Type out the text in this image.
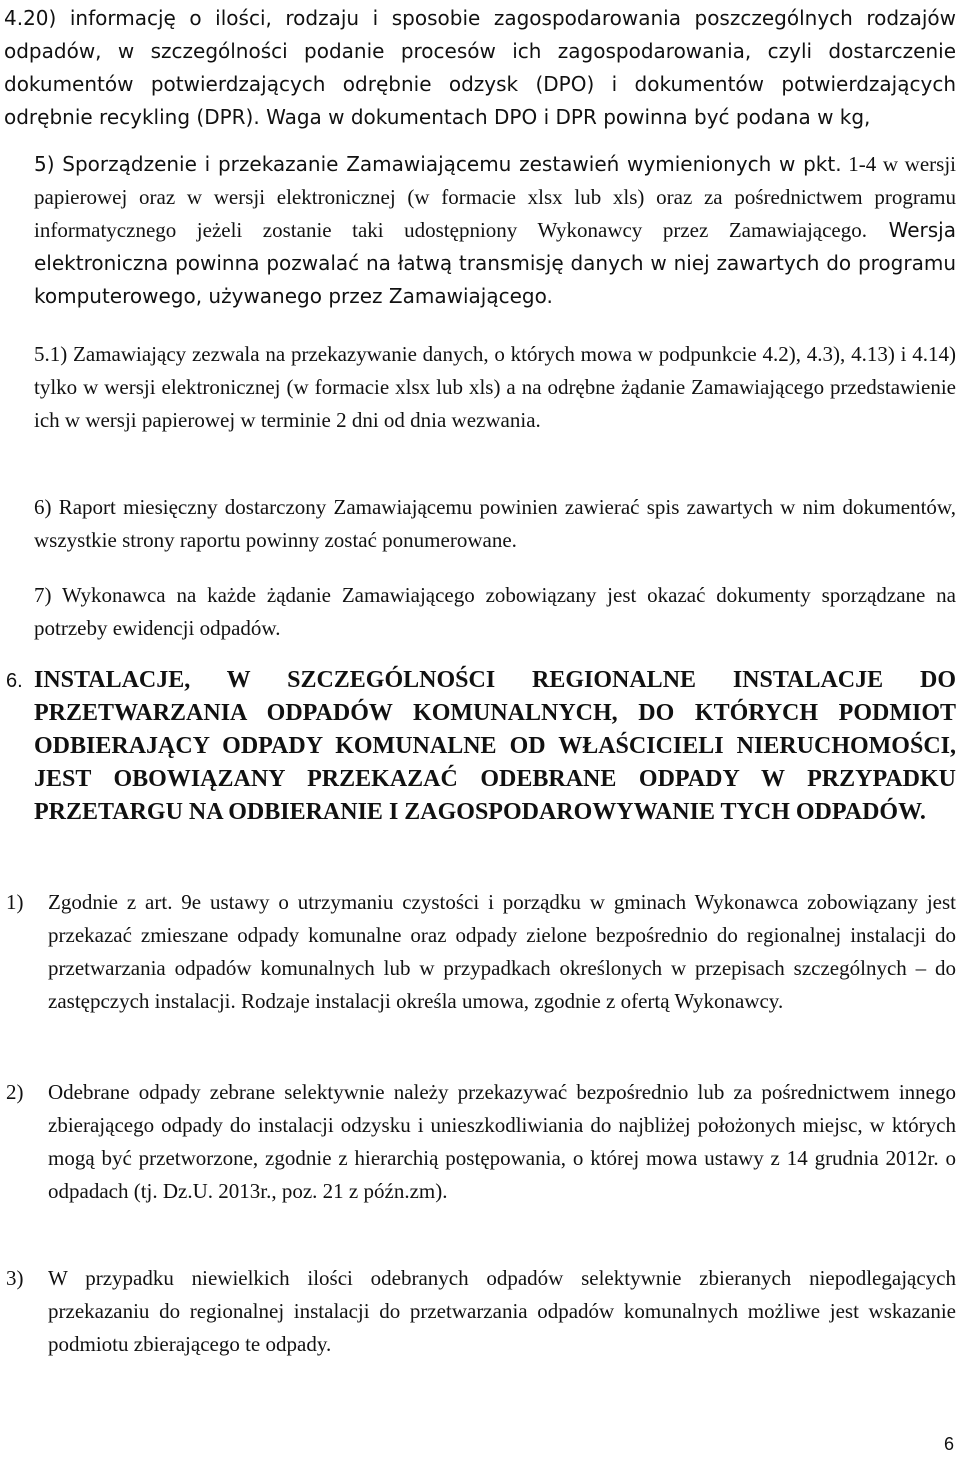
4.20) informację o ilości, rodzaju i sposobie zagospodarowania poszczególnych rodzajów odpadów, w szczególności podanie procesów ich zagospodarowania, czyli dostarczenie dokumentów potwierdzających odrębnie odzysk (DPO) i dokumentów potwierdzających odrębnie recykling (DPR). Waga w dokumentach DPO i DPR powinna być podana w kg,

5) Sporządzenie i przekazanie Zamawiającemu zestawień wymienionych w pkt. 1-4 w wersji papierowej oraz w wersji elektronicznej (w formacie xlsx lub xls) oraz za pośrednictwem programu informatycznego jeżeli zostanie taki udostępniony Wykonawcy przez Zamawiającego. Wersja elektroniczna powinna pozwalać na łatwą transmisję danych w niej zawartych do programu komputerowego, używanego przez Zamawiającego.

5.1) Zamawiający zezwala na przekazywanie danych, o których mowa w podpunkcie 4.2), 4.3), 4.13) i 4.14) tylko w wersji elektronicznej (w formacie xlsx lub xls) a na odrębne żądanie Zamawiającego przedstawienie ich w wersji papierowej w terminie 2 dni od dnia wezwania.

6) Raport miesięczny dostarczony Zamawiającemu powinien zawierać spis zawartych w nim dokumentów, wszystkie strony raportu powinny zostać ponumerowane.

7) Wykonawca na każde żądanie Zamawiającego zobowiązany jest okazać dokumenty sporządzane na potrzeby ewidencji odpadów.

6. INSTALACJE, W SZCZEGÓLNOŚCI REGIONALNE INSTALACJE DO PRZETWARZANIA ODPADÓW KOMUNALNYCH, DO KTÓRYCH PODMIOT ODBIERAJĄCY ODPADY KOMUNALNE OD WŁAŚCICIELI NIERUCHOMOŚCI, JEST OBOWIĄZANY PRZEKAZAĆ ODEBRANE ODPADY W PRZYPADKU PRZETARGU NA ODBIERANIE I ZAGOSPODAROWYWANIE TYCH ODPADÓW.

1) Zgodnie z art. 9e ustawy o utrzymaniu czystości i porządku w gminach Wykonawca zobowiązany jest przekazać zmieszane odpady komunalne oraz odpady zielone bezpośrednio do regionalnej instalacji do przetwarzania odpadów komunalnych lub w przypadkach określonych w przepisach szczególnych – do zastępczych instalacji. Rodzaje instalacji określa umowa, zgodnie z ofertą Wykonawcy.

2) Odebrane odpady zebrane selektywnie należy przekazywać bezpośrednio lub za pośrednictwem innego zbierającego odpady do instalacji odzysku i unieszkodliwiania do najbliżej położonych miejsc, w których mogą być przetworzone, zgodnie z hierarchią postępowania, o której mowa ustawy z 14 grudnia 2012r. o odpadach (tj. Dz.U. 2013r., poz. 21 z późn.zm).

3) W przypadku niewielkich ilości odebranych odpadów selektywnie zbieranych niepodlegających przekazaniu do regionalnej instalacji do przetwarzania odpadów komunalnych możliwe jest wskazanie podmiotu zbierającego te odpady.

6
